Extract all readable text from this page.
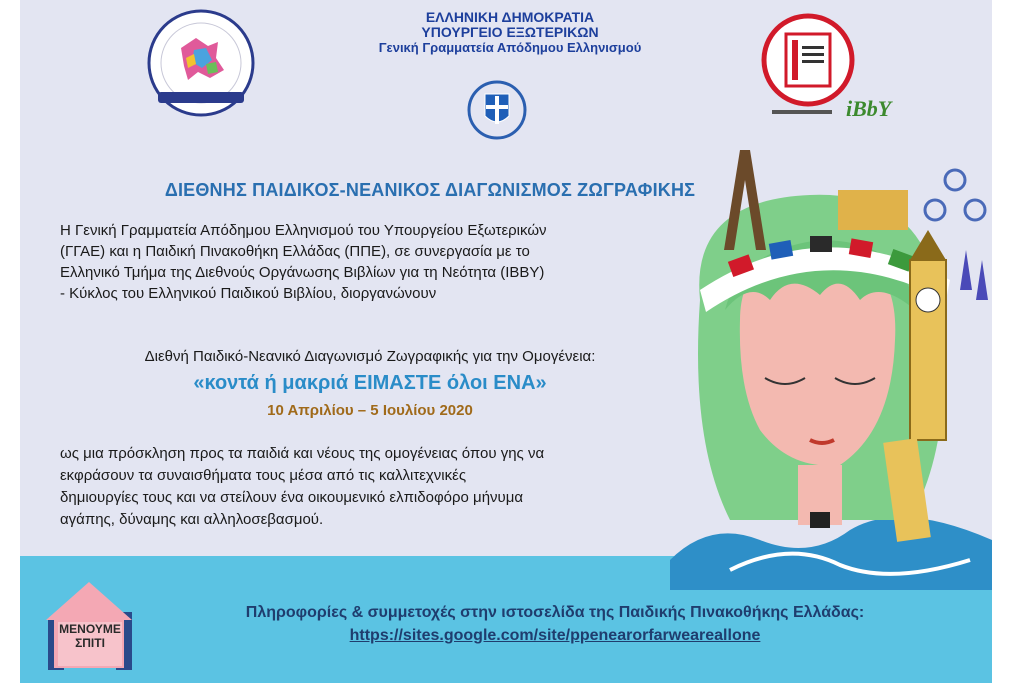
ΕΛΛΗΝΙΚΗ ΔΗΜΟΚΡΑΤΙΑ
ΥΠΟΥΡΓΕΙΟ ΕΞΩΤΕΡΙΚΩΝ
Γενική Γραμματεία Απόδημου Ελληνισμού
iBbY
ΔΙΕΘΝΗΣ ΠΑΙΔΙΚΟΣ-ΝΕΑΝΙΚΟΣ ΔΙΑΓΩΝΙΣΜΟΣ ΖΩΓΡΑΦΙΚΗΣ
Η Γενική Γραμματεία Απόδημου Ελληνισμού του Υπουργείου Εξωτερικών
(ΓΓΑΕ) και η Παιδική Πινακοθήκη Ελλάδας (ΠΠΕ), σε συνεργασία με το
Ελληνικό Τμήμα της Διεθνούς Οργάνωσης Βιβλίων για τη Νεότητα (IBBY)
- Κύκλος του Ελληνικού Παιδικού Βιβλίου, διοργανώνουν
Διεθνή Παιδικό-Νεανικό Διαγωνισμό Ζωγραφικής για την Ομογένεια:
«κοντά ή μακριά ΕΙΜΑΣΤΕ όλοι ΕΝΑ»
10 Απριλίου – 5 Ιουλίου 2020
ως μια πρόσκληση προς τα παιδιά και νέους της ομογένειας όπου γης να
εκφράσουν τα συναισθήματα τους μέσα από τις καλλιτεχνικές
δημιουργίες τους και να στείλουν ένα οικουμενικό ελπιδοφόρο μήνυμα
αγάπης, δύναμης και αλληλοσεβασμού.
ΜΕΝΟΥΜΕ
ΣΠΙΤΙ
Πληροφορίες & συμμετοχές στην ιστοσελίδα της Παιδικής Πινακοθήκης Ελλάδας:
https://sites.google.com/site/ppenearorfarweareallone
